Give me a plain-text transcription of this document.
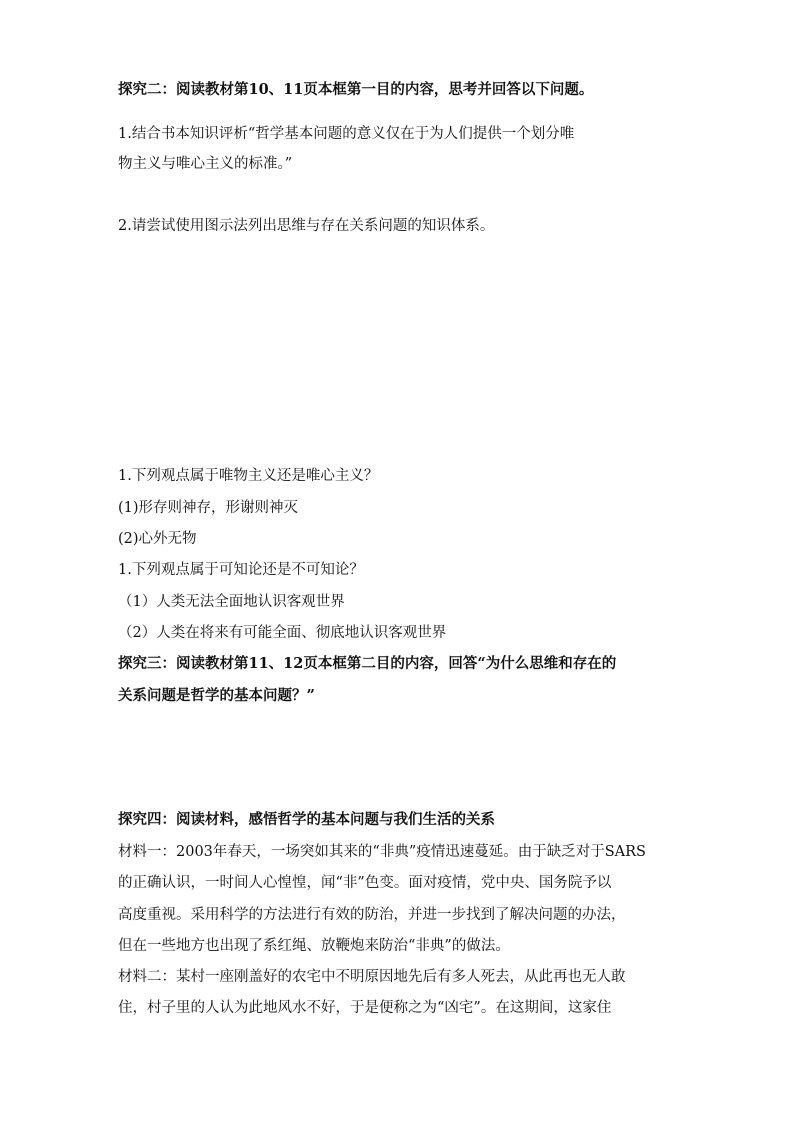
探究二：阅读教材第10、11页本框第一目的内容，思考并回答以下问题。
1.结合书本知识评析“哲学基本问题的意义仅在于为人们提供一个划分唯
物主义与唯心主义的标准。”
2.请尝试使用图示法列出思维与存在关系问题的知识体系。
1.下列观点属于唯物主义还是唯心主义？
(1)形存则神存，形谢则神灭
(2)心外无物
1.下列观点属于可知论还是不可知论？
（1）人类无法全面地认识客观世界
（2）人类在将来有可能全面、彻底地认识客观世界
探究三：阅读教材第11、12页本框第二目的内容，回答“为什么思维和存在的
关系问题是哲学的基本问题？”
探究四：阅读材料，感悟哲学的基本问题与我们生活的关系
材料一：2003年春天，一场突如其来的“非典”疫情迅速蔓延。由于缺乏对于SARS
的正确认识，一时间人心惶惶，闻“非”色变。面对疫情，党中央、国务院予以
高度重视。采用科学的方法进行有效的防治，并进一步找到了解决问题的办法，
但在一些地方也出现了系红绳、放鞭炮来防治“非典”的做法。
材料二：某村一座刚盖好的农宅中不明原因地先后有多人死去，从此再也无人敢
住，村子里的人认为此地风水不好，于是便称之为“凶宅”。在这期间，这家住
